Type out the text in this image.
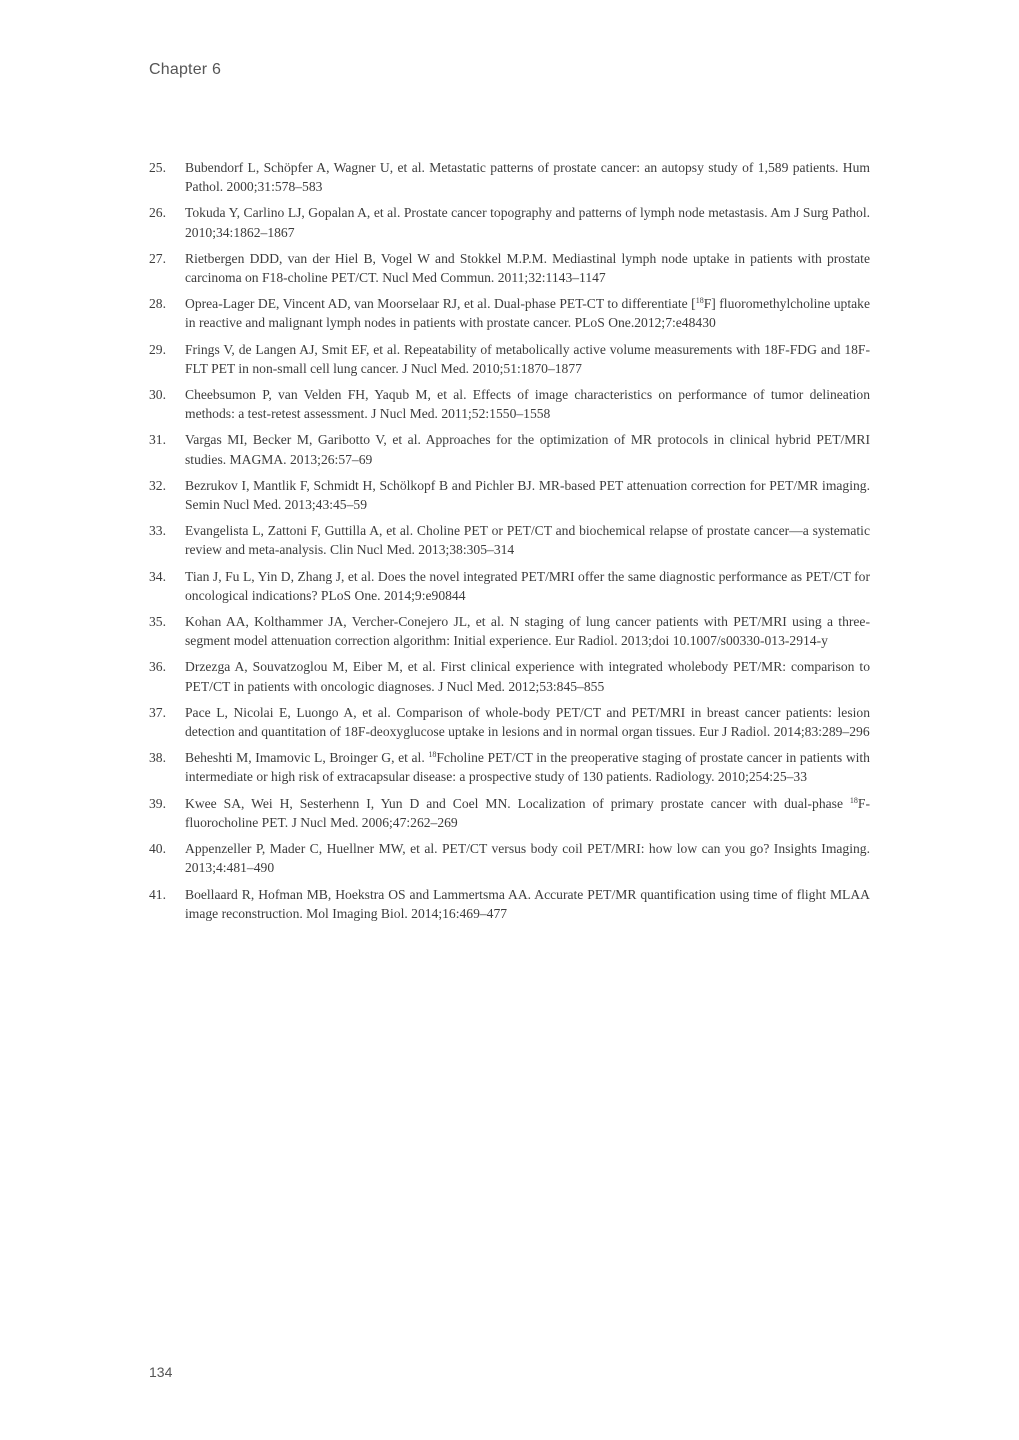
Chapter 6
25.	Bubendorf L, Schöpfer A, Wagner U, et al. Metastatic patterns of prostate cancer: an autopsy study of 1,589 patients. Hum Pathol. 2000;31:578–583
26.	Tokuda Y, Carlino LJ, Gopalan A, et al. Prostate cancer topography and patterns of lymph node metastasis. Am J Surg Pathol. 2010;34:1862–1867
27.	Rietbergen DDD, van der Hiel B, Vogel W and Stokkel M.P.M. Mediastinal lymph node uptake in patients with prostate carcinoma on F18-choline PET/CT. Nucl Med Commun. 2011;32:1143–1147
28.	Oprea-Lager DE, Vincent AD, van Moorselaar RJ, et al. Dual-phase PET-CT to differentiate [$^{18}$F] fluoromethylcholine uptake in reactive and malignant lymph nodes in patients with prostate cancer. PLoS One.2012;7:e48430
29.	Frings V, de Langen AJ, Smit EF, et al. Repeatability of metabolically active volume measurements with 18F-FDG and 18F-FLT PET in non-small cell lung cancer. J Nucl Med. 2010;51:1870–1877
30.	Cheebsumon P, van Velden FH, Yaqub M, et al. Effects of image characteristics on performance of tumor delineation methods: a test-retest assessment. J Nucl Med. 2011;52:1550–1558
31.	Vargas MI, Becker M, Garibotto V, et al. Approaches for the optimization of MR protocols in clinical hybrid PET/MRI studies. MAGMA. 2013;26:57–69
32.	Bezrukov I, Mantlik F, Schmidt H, Schölkopf B and Pichler BJ. MR-based PET attenuation correction for PET/MR imaging. Semin Nucl Med. 2013;43:45–59
33.	Evangelista L, Zattoni F, Guttilla A, et al. Choline PET or PET/CT and biochemical relapse of prostate cancer—a systematic review and meta-analysis. Clin Nucl Med. 2013;38:305–314
34.	Tian J, Fu L, Yin D, Zhang J, et al. Does the novel integrated PET/MRI offer the same diagnostic performance as PET/CT for oncological indications? PLoS One. 2014;9:e90844
35.	Kohan AA, Kolthammer JA, Vercher-Conejero JL, et al. N staging of lung cancer patients with PET/MRI using a three-segment model attenuation correction algorithm: Initial experience. Eur Radiol. 2013;doi 10.1007/s00330-013-2914-y
36.	Drzezga A, Souvatzoglou M, Eiber M, et al. First clinical experience with integrated wholebody PET/MR: comparison to PET/CT in patients with oncologic diagnoses. J Nucl Med. 2012;53:845–855
37.	Pace L, Nicolai E, Luongo A, et al. Comparison of whole-body PET/CT and PET/MRI in breast cancer patients: lesion detection and quantitation of 18F-deoxyglucose uptake in lesions and in normal organ tissues. Eur J Radiol. 2014;83:289–296
38.	Beheshti M, Imamovic L, Broinger G, et al. $^{18}$Fcholine PET/CT in the preoperative staging of prostate cancer in patients with intermediate or high risk of extracapsular disease: a prospective study of 130 patients. Radiology. 2010;254:25–33
39.	Kwee SA, Wei H, Sesterhenn I, Yun D and Coel MN. Localization of primary prostate cancer with dual-phase $^{18}$F-fluorocholine PET. J Nucl Med. 2006;47:262–269
40.	Appenzeller P, Mader C, Huellner MW, et al. PET/CT versus body coil PET/MRI: how low can you go? Insights Imaging. 2013;4:481–490
41.	Boellaard R, Hofman MB, Hoekstra OS and Lammertsma AA. Accurate PET/MR quantification using time of flight MLAA image reconstruction. Mol Imaging Biol. 2014;16:469–477
134
